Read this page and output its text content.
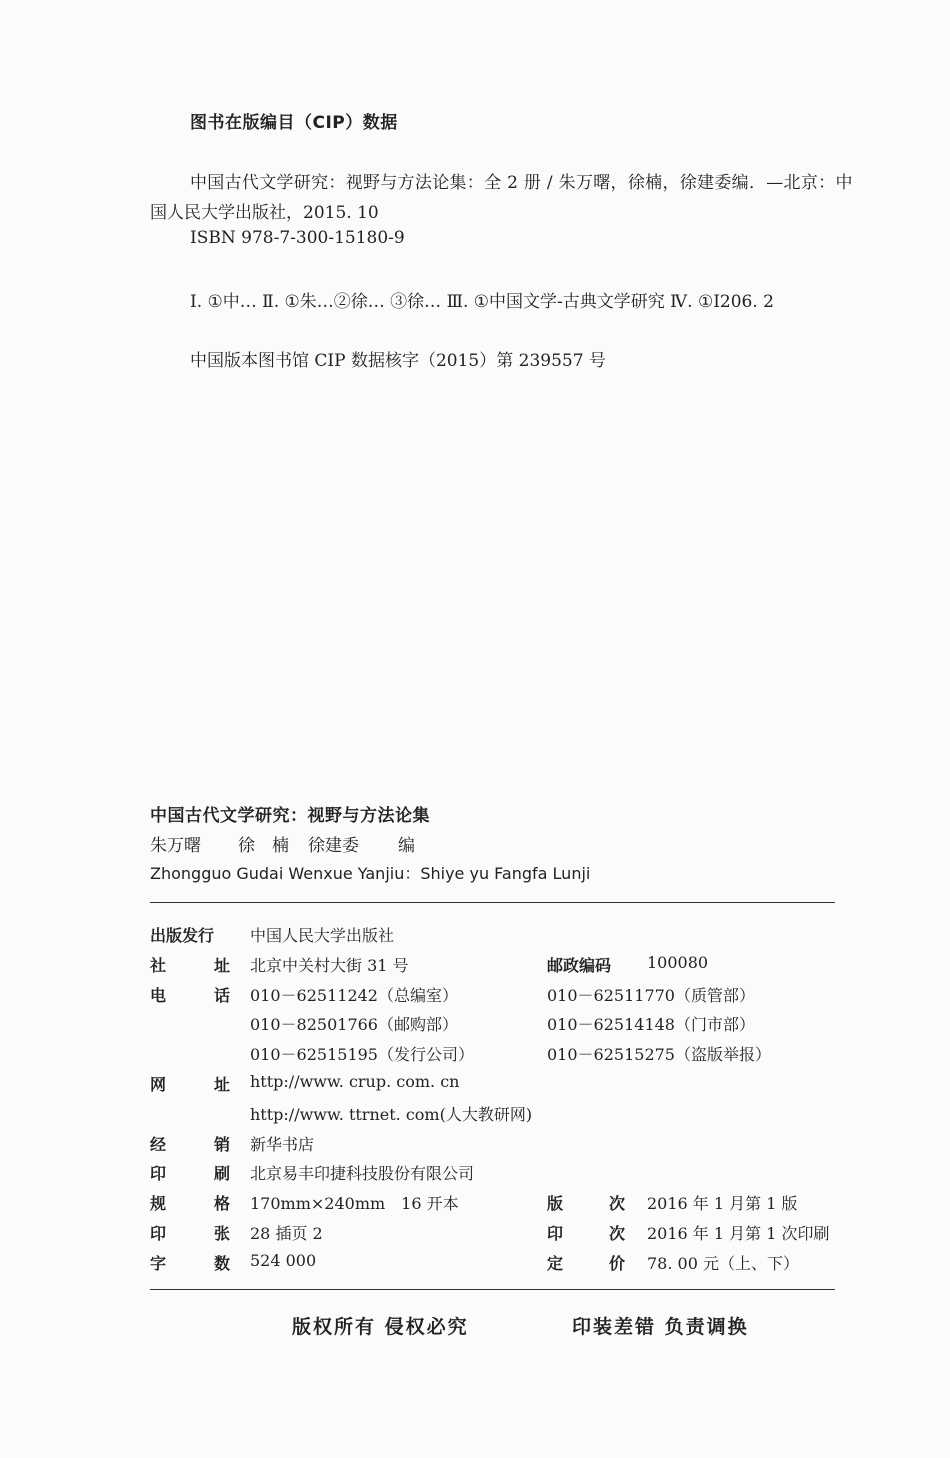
图书在版编目（CIP）数据
中国古代文学研究：视野与方法论集：全 2 册 / 朱万曙，徐楠，徐建委编．—北京：中
国人民大学出版社，2015. 10
ISBN 978-7-300-15180-9
Ⅰ. ①中… Ⅱ. ①朱…②徐… ③徐… Ⅲ. ①中国文学-古典文学研究 Ⅳ. ①I206. 2
中国版本图书馆 CIP 数据核字（2015）第 239557 号
中国古代文学研究：视野与方法论集
朱万曙 徐　楠 徐建委 编
Zhongguo Gudai Wenxue Yanjiu：Shiye yu Fangfa Lunji
出版发行	中国人民大学出版社
社	址 北京中关村大街 31 号	邮政编码	100080
电	话 010－62511242（总编室）	010－62511770（质管部）
010－82501766（邮购部）	010－62514148（门市部）
010－62515195（发行公司）	010－62515275（盗版举报）
网	址 http://www. crup. com. cn
http://www. ttrnet. com(人大教研网)
经	销 新华书店
印	刷 北京易丰印捷科技股份有限公司
规	格 170mm×240mm　16 开本	版	次 2016 年 1 月第 1 版
印	张 28 插页 2	印	次 2016 年 1 月第 1 次印刷
字	数 524 000	定	价 78. 00 元（上、下）
版权所有 侵权必究	印装差错 负责调换
